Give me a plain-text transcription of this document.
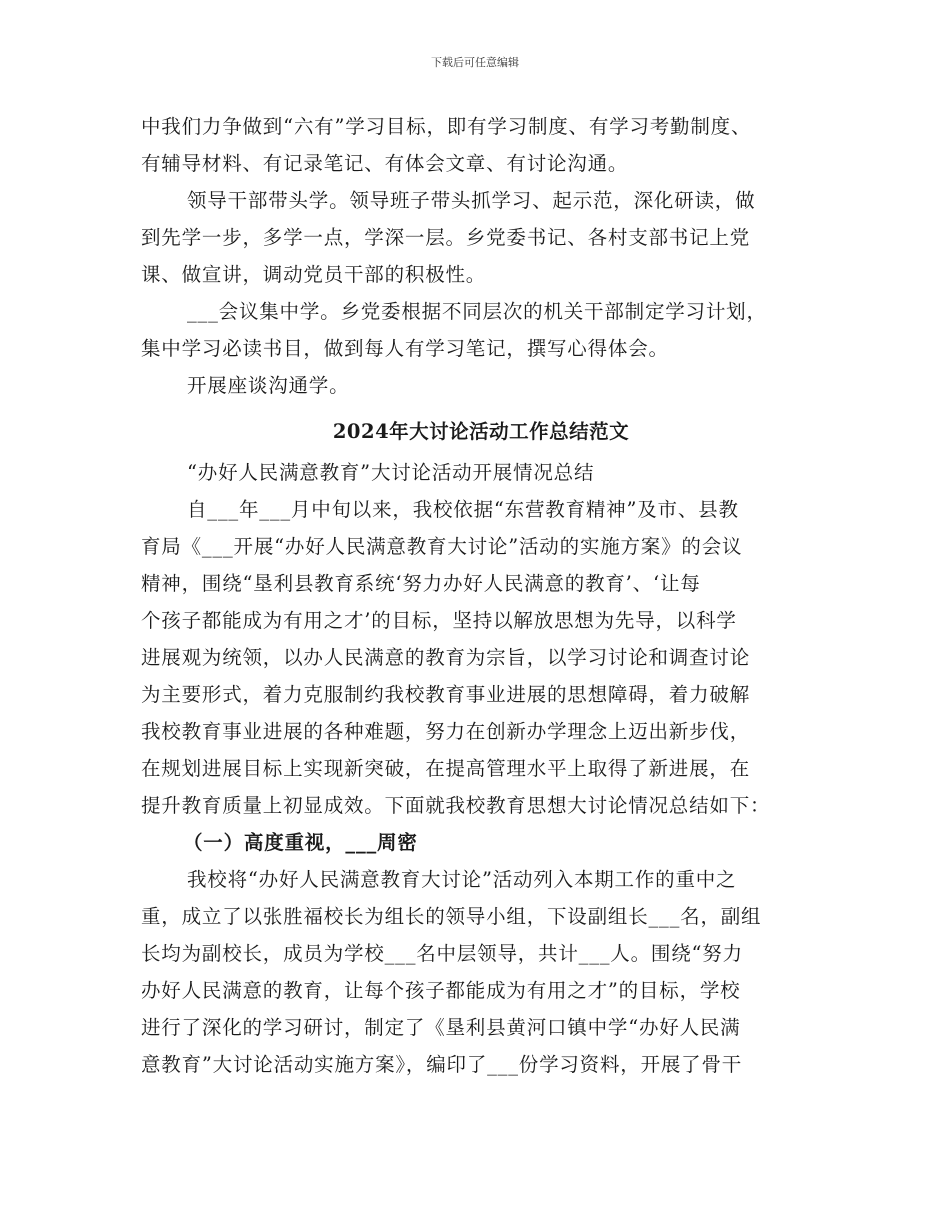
下载后可任意编辑
中我们力争做到“六有”学习目标，即有学习制度、有学习考勤制度、
有辅导材料、有记录笔记、有体会文章、有讨论沟通。
领导干部带头学。领导班子带头抓学习、起示范，深化研读，做
到先学一步，多学一点，学深一层。乡党委书记、各村支部书记上党
课、做宣讲，调动党员干部的积极性。
___会议集中学。乡党委根据不同层次的机关干部制定学习计划，
集中学习必读书目，做到每人有学习笔记，撰写心得体会。
开展座谈沟通学。
2024年大讨论活动工作总结范文
“办好人民满意教育”大讨论活动开展情况总结
自___年___月中旬以来，我校依据“东营教育精神”及市、县教
育局《___开展“办好人民满意教育大讨论”活动的实施方案》的会议
精神，围绕“垦利县教育系统‘努力办好人民满意的教育’、‘让每
个孩子都能成为有用之才’的目标，坚持以解放思想为先导，以科学
进展观为统领，以办人民满意的教育为宗旨，以学习讨论和调查讨论
为主要形式，着力克服制约我校教育事业进展的思想障碍，着力破解
我校教育事业进展的各种难题，努力在创新办学理念上迈出新步伐，
在规划进展目标上实现新突破，在提高管理水平上取得了新进展，在
提升教育质量上初显成效。下面就我校教育思想大讨论情况总结如下：
（一）高度重视，___周密
我校将“办好人民满意教育大讨论”活动列入本期工作的重中之
重，成立了以张胜福校长为组长的领导小组，下设副组长___名，副组
长均为副校长，成员为学校___名中层领导，共计___人。围绕“努力
办好人民满意的教育，让每个孩子都能成为有用之才”的目标，学校
进行了深化的学习研讨，制定了《垦利县黄河口镇中学“办好人民满
意教育”大讨论活动实施方案》，编印了___份学习资料，开展了骨干
